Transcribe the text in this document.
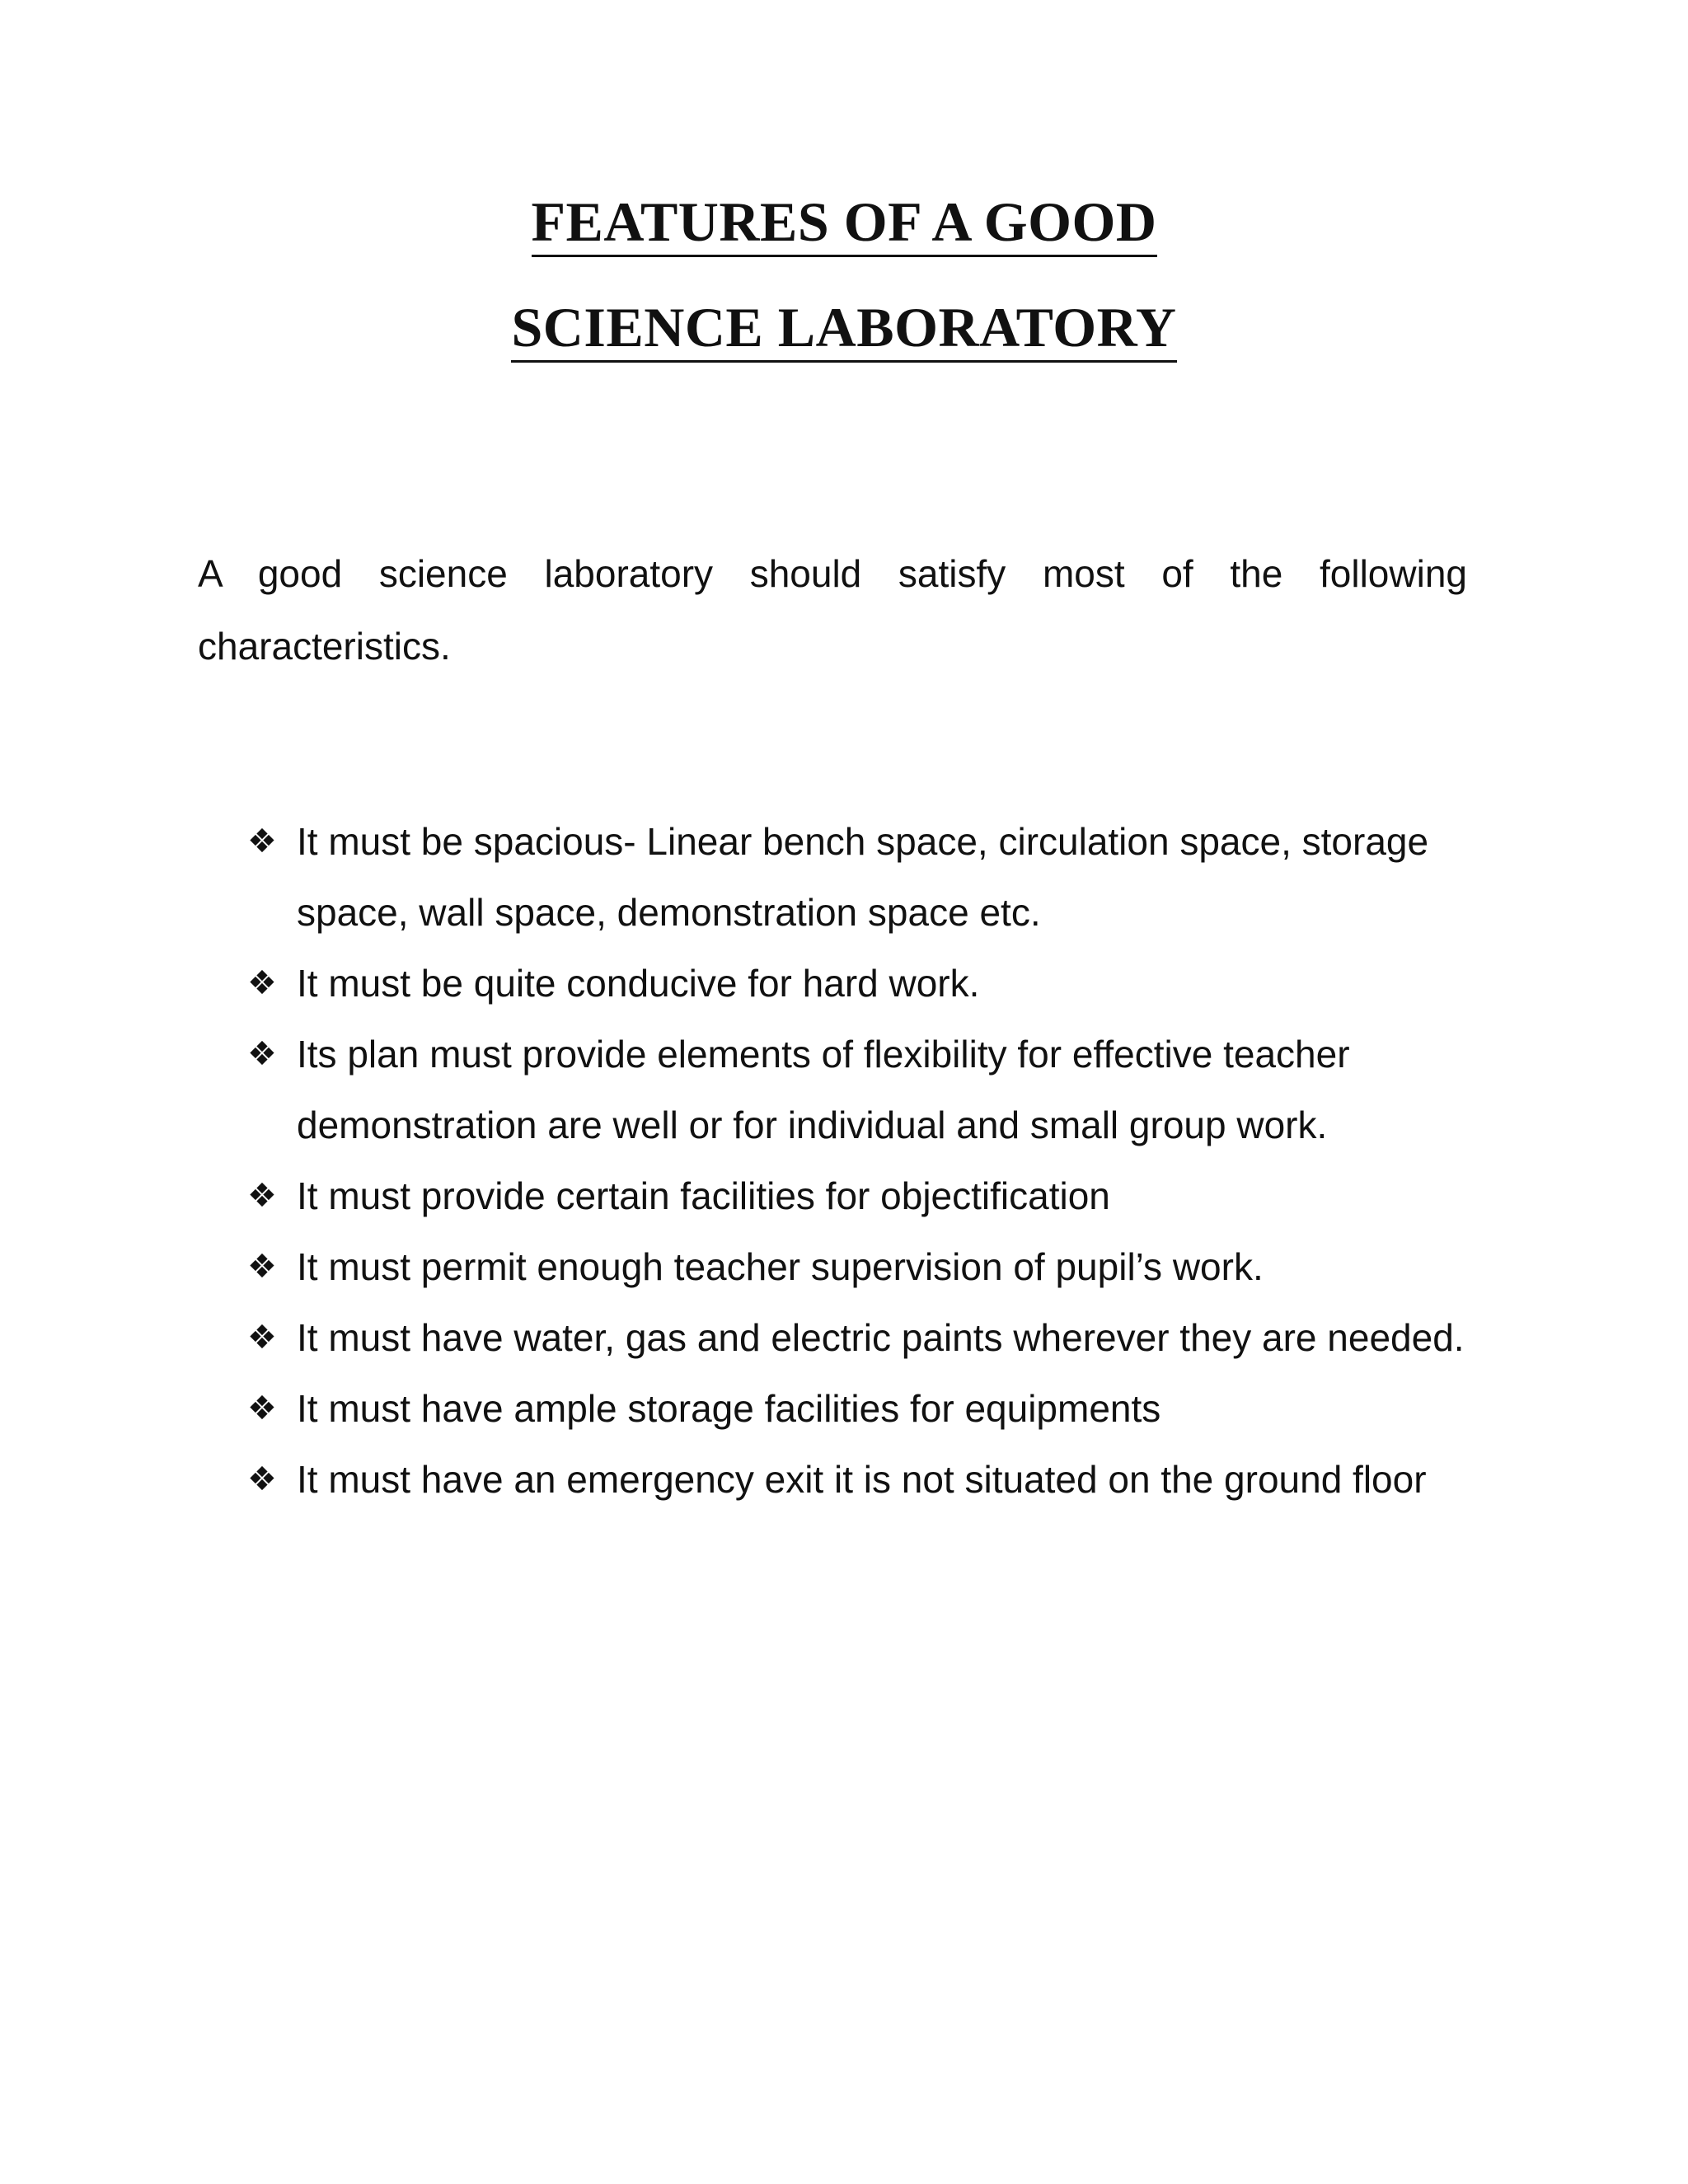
FEATURES OF A GOOD
SCIENCE LABORATORY
A good science laboratory should satisfy most of the following
characteristics.
❖ It must be spacious- Linear bench space, circulation space, storage space, wall space, demonstration space etc.
❖ It must be quite conducive for hard work.
❖ Its plan must provide elements of flexibility for effective teacher demonstration are well or for individual and small group work.
❖ It must provide certain facilities for objectification
❖ It must permit enough teacher supervision of pupil’s work.
❖ It must have water, gas and electric paints wherever they are needed.
❖ It must have ample storage facilities for equipments
❖ It must have an emergency exit it is not situated on the ground floor
